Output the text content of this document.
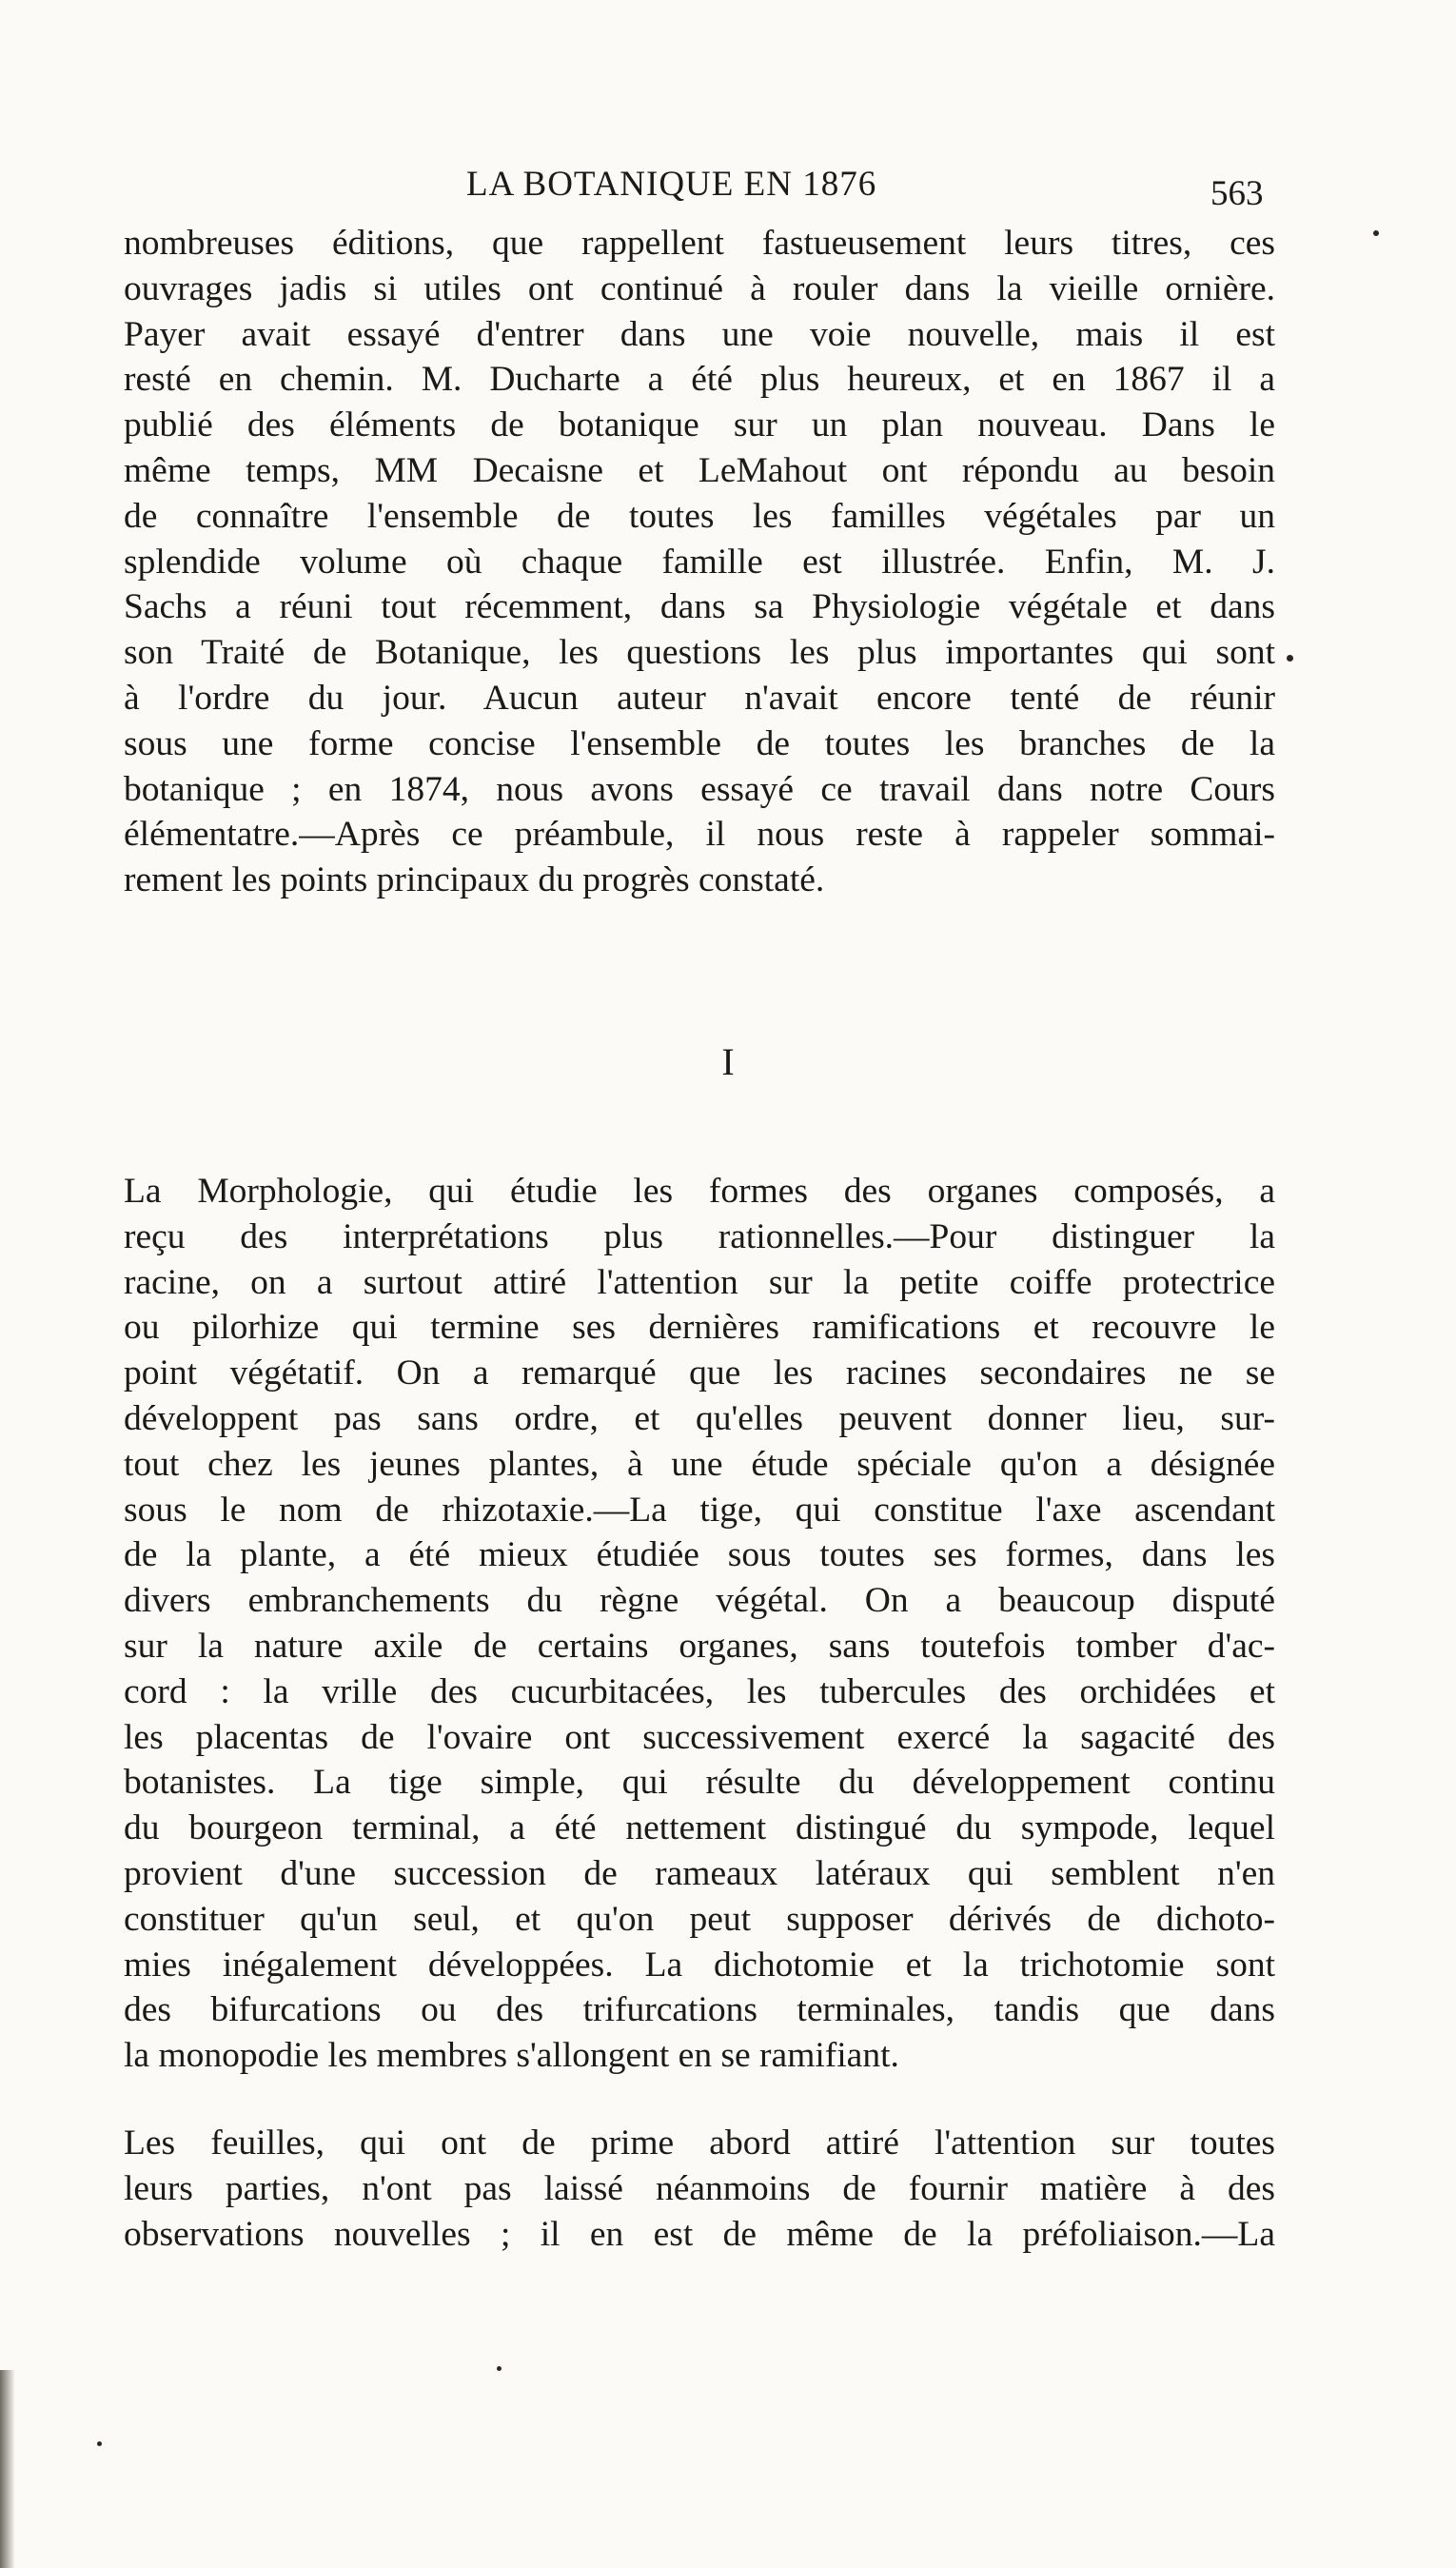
LA BOTANIQUE EN 1876	563
nombreuses éditions, que rappellent fastueusement leurs titres, ces
ouvrages jadis si utiles ont continué à rouler dans la vieille ornière.
Payer avait essayé d'entrer dans une voie nouvelle, mais il est
resté en chemin. M. Ducharte a été plus heureux, et en 1867 il a
publié des éléments de botanique sur un plan nouveau. Dans le
même temps, MM Decaisne et LeMahout ont répondu au besoin
de connaître l'ensemble de toutes les familles végétales par un
splendide volume où chaque famille est illustrée. Enfin, M. J.
Sachs a réuni tout récemment, dans sa Physiologie végétale et dans
son Traité de Botanique, les questions les plus importantes qui sont
à l'ordre du jour. Aucun auteur n'avait encore tenté de réunir
sous une forme concise l'ensemble de toutes les branches de la
botanique ; en 1874, nous avons essayé ce travail dans notre Cours
élémentatre.—Après ce préambule, il nous reste à rappeler sommai-
rement les points principaux du progrès constaté.
I
La Morphologie, qui étudie les formes des organes composés, a
reçu des interprétations plus rationnelles.—Pour distinguer la
racine, on a surtout attiré l'attention sur la petite coiffe protectrice
ou pilorhize qui termine ses dernières ramifications et recouvre le
point végétatif. On a remarqué que les racines secondaires ne se
développent pas sans ordre, et qu'elles peuvent donner lieu, sur-
tout chez les jeunes plantes, à une étude spéciale qu'on a désignée
sous le nom de rhizotaxie.—La tige, qui constitue l'axe ascendant
de la plante, a été mieux étudiée sous toutes ses formes, dans les
divers embranchements du règne végétal. On a beaucoup disputé
sur la nature axile de certains organes, sans toutefois tomber d'ac-
cord : la vrille des cucurbitacées, les tubercules des orchidées et
les placentas de l'ovaire ont successivement exercé la sagacité des
botanistes. La tige simple, qui résulte du développement continu
du bourgeon terminal, a été nettement distingué du sympode, lequel
provient d'une succession de rameaux latéraux qui semblent n'en
constituer qu'un seul, et qu'on peut supposer dérivés de dichoto-
mies inégalement développées. La dichotomie et la trichotomie sont
des bifurcations ou des trifurcations terminales, tandis que dans
la monopodie les membres s'allongent en se ramifiant.
Les feuilles, qui ont de prime abord attiré l'attention sur toutes
leurs parties, n'ont pas laissé néanmoins de fournir matière à des
observations nouvelles ; il en est de même de la préfoliaison.—La
